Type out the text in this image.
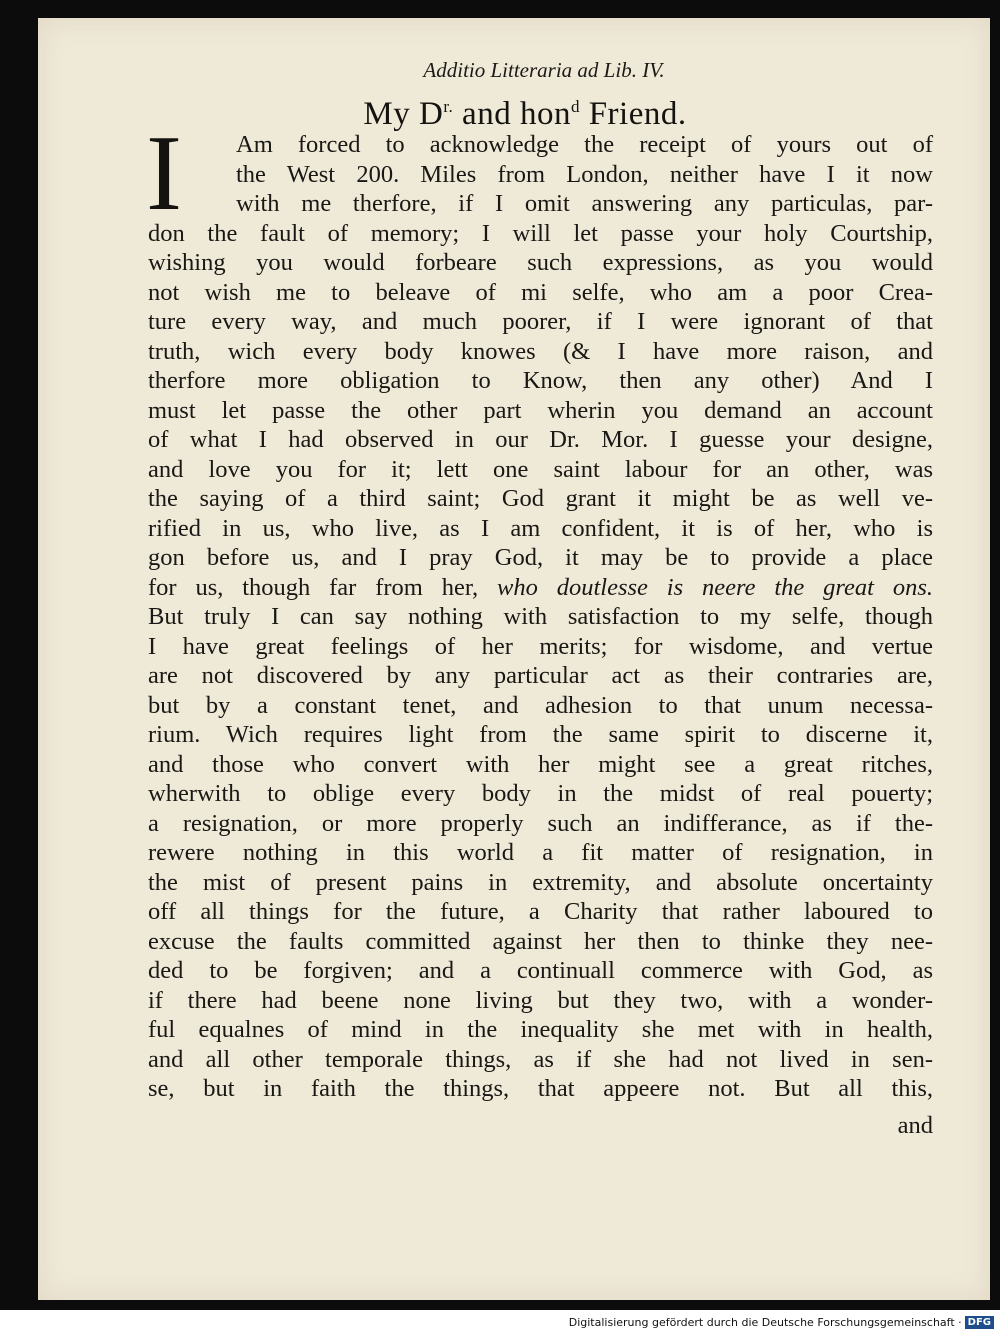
Additio Litteraria ad Lib. IV.
My $D^{r.}$ and hon$^d$ Friend.
I	Am forced to acknowledge the receipt of yours out of
the West 200. Miles from London, neither have I it now
with me therfore, if I omit answering any particulas, par-
don the fault of memory; I will let passe your holy Courtship,
wishing you would forbeare such expressions, as you would
not wish me to beleave of mi selfe, who am a poor Crea-
ture every way, and much poorer, if I were ignorant of that
truth, wich every body knowes (& I have more raison, and
therfore more obligation to Know, then any other) And I
must let passe the other part wherin you demand an account
of what I had observed in our Dr. Mor. I guesse your designe,
and love you for it; lett one saint labour for an other, was
the saying of a third saint; God grant it might be as well ve-
rified in us, who live, as I am confident, it is of her, who is
gon before us, and I pray God, it may be to provide a place
for us, though far from her, who doutlesse is neere the great ons.
But truly I can say nothing with satisfaction to my selfe, though
I have great feelings of her merits; for wisdome, and vertue
are not discovered by any particular act as their contraries are,
but by a constant tenet, and adhesion to that unum necessa-
rium. Wich requires light from the same spirit to discerne it,
and those who convert with her might see a great ritches,
wherwith to oblige every body in the midst of real pouerty;
a resignation, or more properly such an indifferance, as if the-
rewere nothing in this world a fit matter of resignation, in
the mist of present pains in extremity, and absolute oncertainty
off all things for the future, a Charity that rather laboured to
excuse the faults committed against her then to thinke they nee-
ded to be forgiven; and a continuall commerce with God, as
if there had beene none living but they two, with a wonder-
ful equalnes of mind in the inequality she met with in health,
and all other temporale things, as if she had not lived in sen-
se, but in faith the things, that appeere not. But all this,
and
Digitalisierung gefördert durch die Deutsche Forschungsgemeinschaft · DFG
